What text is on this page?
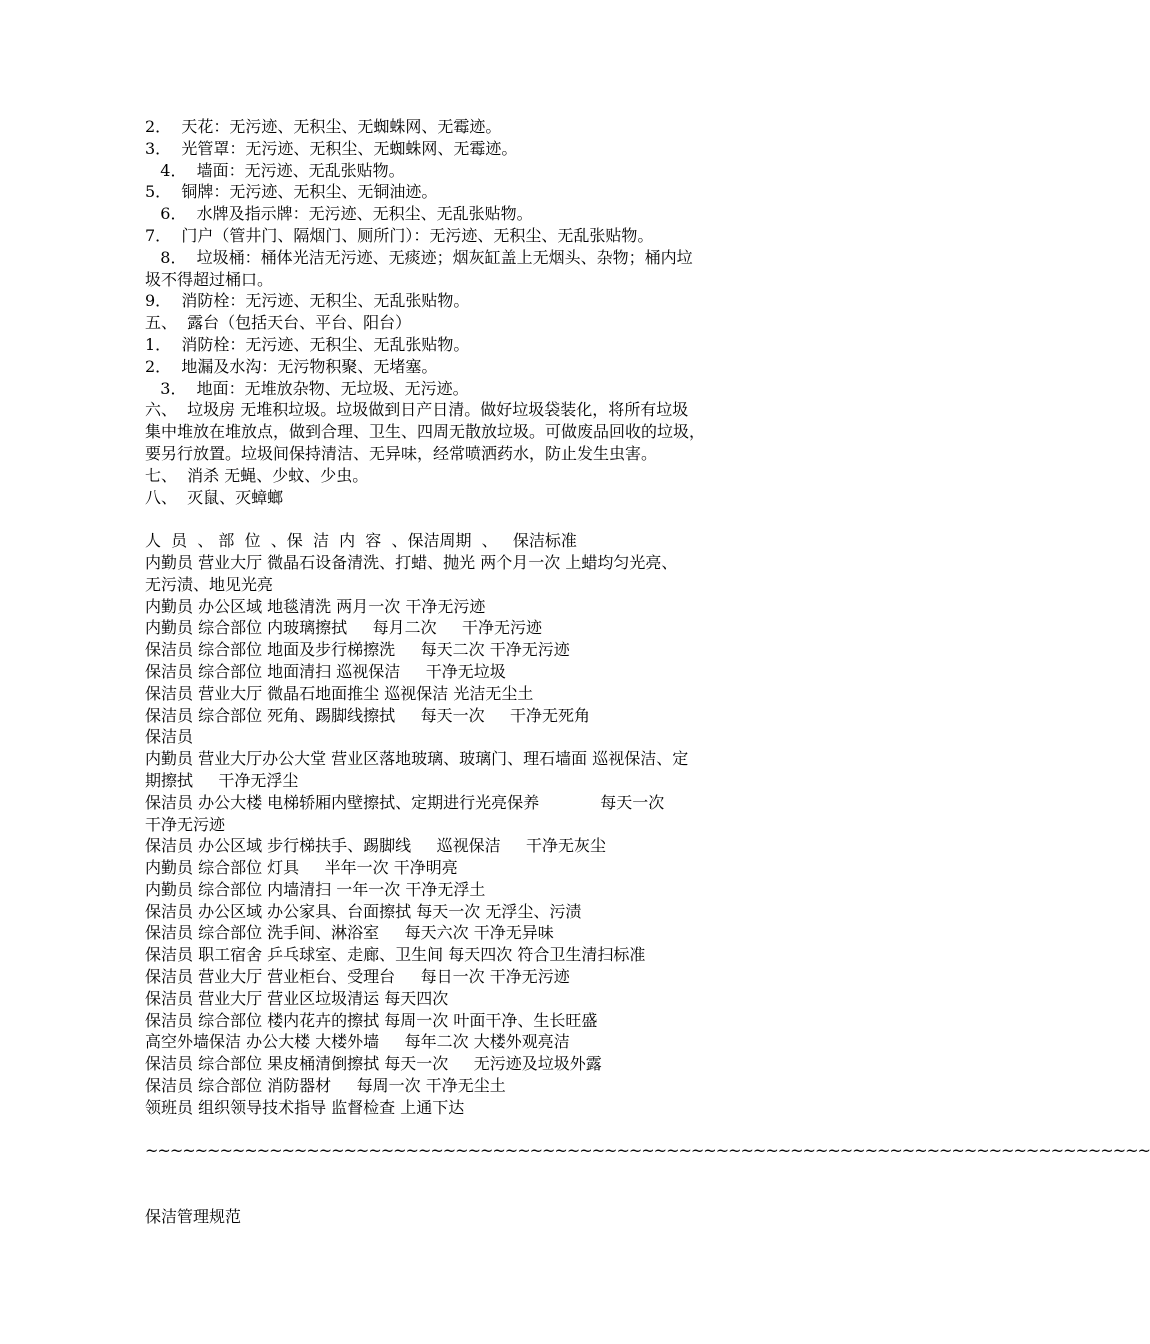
2．  天花：无污迹、无积尘、无蜘蛛网、无霉迹。
3．  光管罩：无污迹、无积尘、无蜘蛛网、无霉迹。
4．  墙面：无污迹、无乱张贴物。
5．  铜牌：无污迹、无积尘、无铜油迹。
6．  水牌及指示牌：无污迹、无积尘、无乱张贴物。
7．  门户（管井门、隔烟门、厕所门）：无污迹、无积尘、无乱张贴物。
8．  垃圾桶：桶体光洁无污迹、无痰迹；烟灰缸盖上无烟头、杂物；桶内垃
圾不得超过桶口。
9．  消防栓：无污迹、无积尘、无乱张贴物。
五、  露台（包括天台、平台、阳台）
1．  消防栓：无污迹、无积尘、无乱张贴物。
2．  地漏及水沟：无污物积聚、无堵塞。
3．  地面：无堆放杂物、无垃圾、无污迹。
六、  垃圾房 无堆积垃圾。垃圾做到日产日清。做好垃圾袋装化，将所有垃圾
集中堆放在堆放点，做到合理、卫生、四周无散放垃圾。可做废品回收的垃圾，
要另行放置。垃圾间保持清洁、无异味，经常喷洒药水，防止发生虫害。
七、  消杀 无蝇、少蚊、少虫。
八、  灭鼠、灭蟑螂
人  员  、 部  位  、保  洁  内  容  、保洁周期  、   保洁标准
内勤员 营业大厅 微晶石设备清洗、打蜡、抛光 两个月一次 上蜡均匀光亮、
无污渍、地见光亮
内勤员 办公区域 地毯清洗 两月一次 干净无污迹
内勤员 综合部位 内玻璃擦拭     每月二次     干净无污迹
保洁员 综合部位 地面及步行梯擦洗     每天二次 干净无污迹
保洁员 综合部位 地面清扫 巡视保洁     干净无垃圾
保洁员 营业大厅 微晶石地面推尘 巡视保洁 光洁无尘土
保洁员 综合部位 死角、踢脚线擦拭     每天一次     干净无死角
保洁员
内勤员 营业大厅办公大堂 营业区落地玻璃、玻璃门、理石墙面 巡视保洁、定
期擦拭     干净无浮尘
保洁员 办公大楼 电梯轿厢内壁擦拭、定期进行光亮保养            每天一次
干净无污迹
保洁员 办公区域 步行梯扶手、踢脚线     巡视保洁     干净无灰尘
内勤员 综合部位 灯具     半年一次 干净明亮
内勤员 综合部位 内墙清扫 一年一次 干净无浮土
保洁员 办公区域 办公家具、台面擦拭 每天一次 无浮尘、污渍
保洁员 综合部位 洗手间、淋浴室     每天六次 干净无异味
保洁员 职工宿舍 乒乓球室、走廊、卫生间 每天四次 符合卫生清扫标准
保洁员 营业大厅 营业柜台、受理台     每日一次 干净无污迹
保洁员 营业大厅 营业区垃圾清运 每天四次
保洁员 综合部位 楼内花卉的擦拭 每周一次 叶面干净、生长旺盛
高空外墙保洁 办公大楼 大楼外墙     每年二次 大楼外观亮洁
保洁员 综合部位 果皮桶清倒擦拭 每天一次     无污迹及垃圾外露
保洁员 综合部位 消防器材     每周一次 干净无尘土
领班员 组织领导技术指导 监督检查 上通下达
~~~~~~~~~~~~~~~~~~~~~~~~~~~~~~~~~~~~~~~~~~~~~~~~~~~~~~~~~~~~~~~~~~~~~~~~~~~~~~~~~
保洁管理规范
